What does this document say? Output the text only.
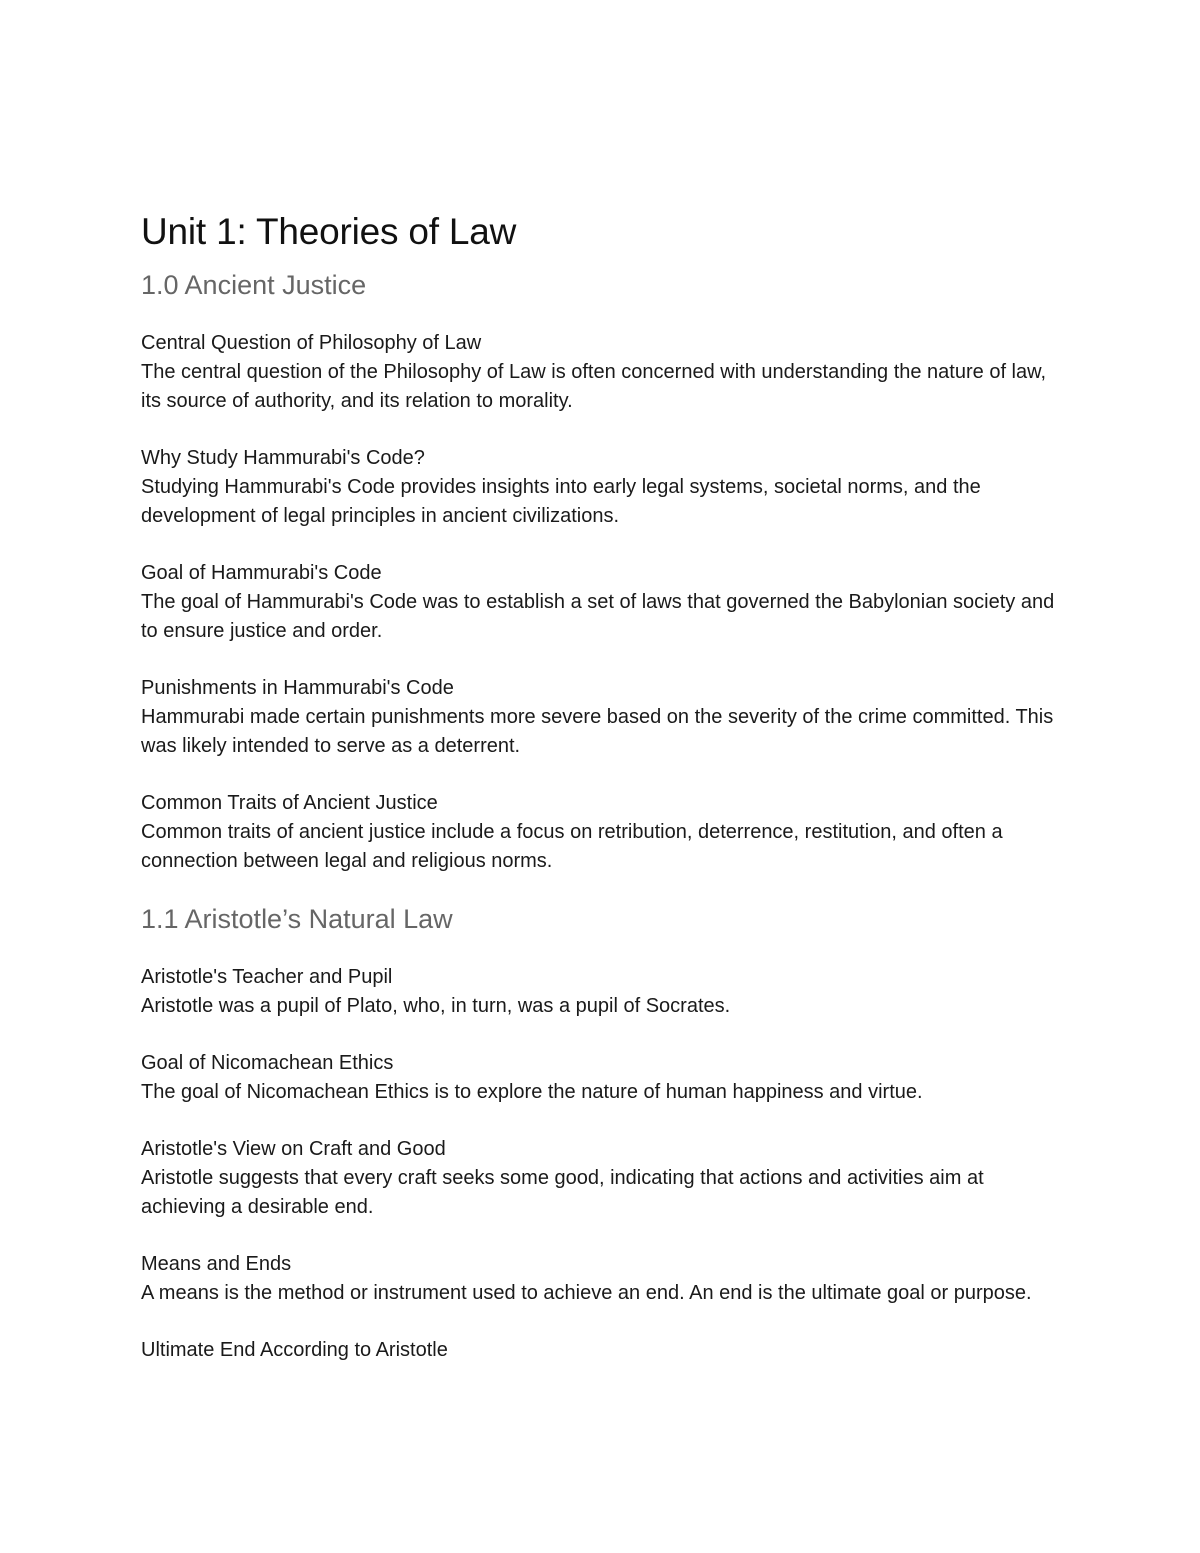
Unit 1: Theories of Law
1.0 Ancient Justice

Central Question of Philosophy of Law

The central question of the Philosophy of Law is often concerned with understanding the nature of law, its source of authority, and its relation to morality.

Why Study Hammurabi's Code?

Studying Hammurabi's Code provides insights into early legal systems, societal norms, and the development of legal principles in ancient civilizations.

Goal of Hammurabi's Code

The goal of Hammurabi's Code was to establish a set of laws that governed the Babylonian society and to ensure justice and order.

Punishments in Hammurabi's Code

Hammurabi made certain punishments more severe based on the severity of the crime committed. This was likely intended to serve as a deterrent.

Common Traits of Ancient Justice

Common traits of ancient justice include a focus on retribution, deterrence, restitution, and often a connection between legal and religious norms.

1.1 Aristotle’s Natural Law

Aristotle's Teacher and Pupil

Aristotle was a pupil of Plato, who, in turn, was a pupil of Socrates.

Goal of Nicomachean Ethics

The goal of Nicomachean Ethics is to explore the nature of human happiness and virtue.

Aristotle's View on Craft and Good

Aristotle suggests that every craft seeks some good, indicating that actions and activities aim at achieving a desirable end.

Means and Ends

A means is the method or instrument used to achieve an end. An end is the ultimate goal or purpose.

Ultimate End According to Aristotle
